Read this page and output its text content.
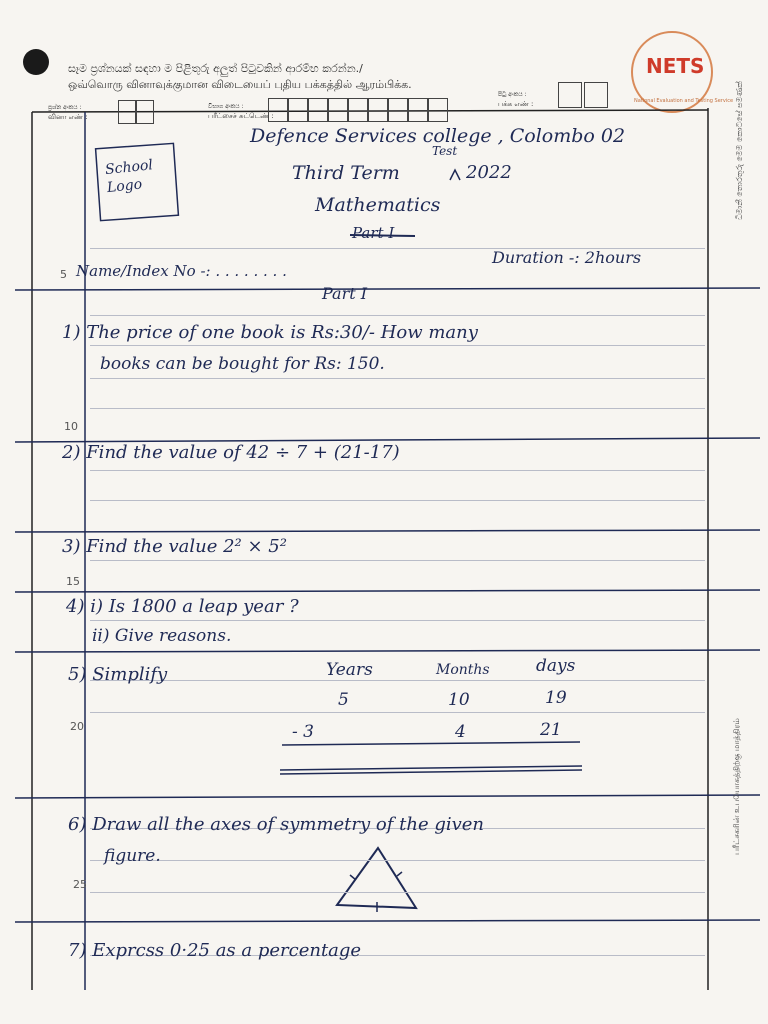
සෑම ප්‍රශ්නයක් සඳහා ම පිළිතුරු අලුත් පිටුවකින් ආරම්භ කරන්න./
ஒவ்வொரு வினாவுக்குமான விடையைப் புதிய பக்கத்தில் ஆரம்பிக்க.
ප්‍රශ්න අංකය :
வினா எண் :
විභාග අංකය :
பரீட்சைச் சுட்டெண் :
පිටු අංකය :
பக்க எண் :
NETS
National Evaluation and Testing Service ධීමානී තොරතුරු මෙම කොටසේ පමණක්
பரீட்சகரின் உபயோகத்திற்கு மாத்திரம்
5
10
15
20
25
School Logo
Defence Services college , Colombo 02
Third Term
Test
2022
Mathematics
Part I
Name/Index No -: . . . . . . . .
Duration -: 2hours
Part I
1) The price of one book is Rs:30/- How many
books can be bought for Rs: 150.
2) Find the value of 42 ÷ 7 + (21-17)
3) Find the value 2² × 5²
4) i) Is 1800 a leap year ?
ii) Give reasons.
5) Simplify	Years	Months	days
5	10	19
- 3	4	21
6) Draw all the axes of symmetry of the given
figure.
7) Exprcss 0·25 as a percentage
